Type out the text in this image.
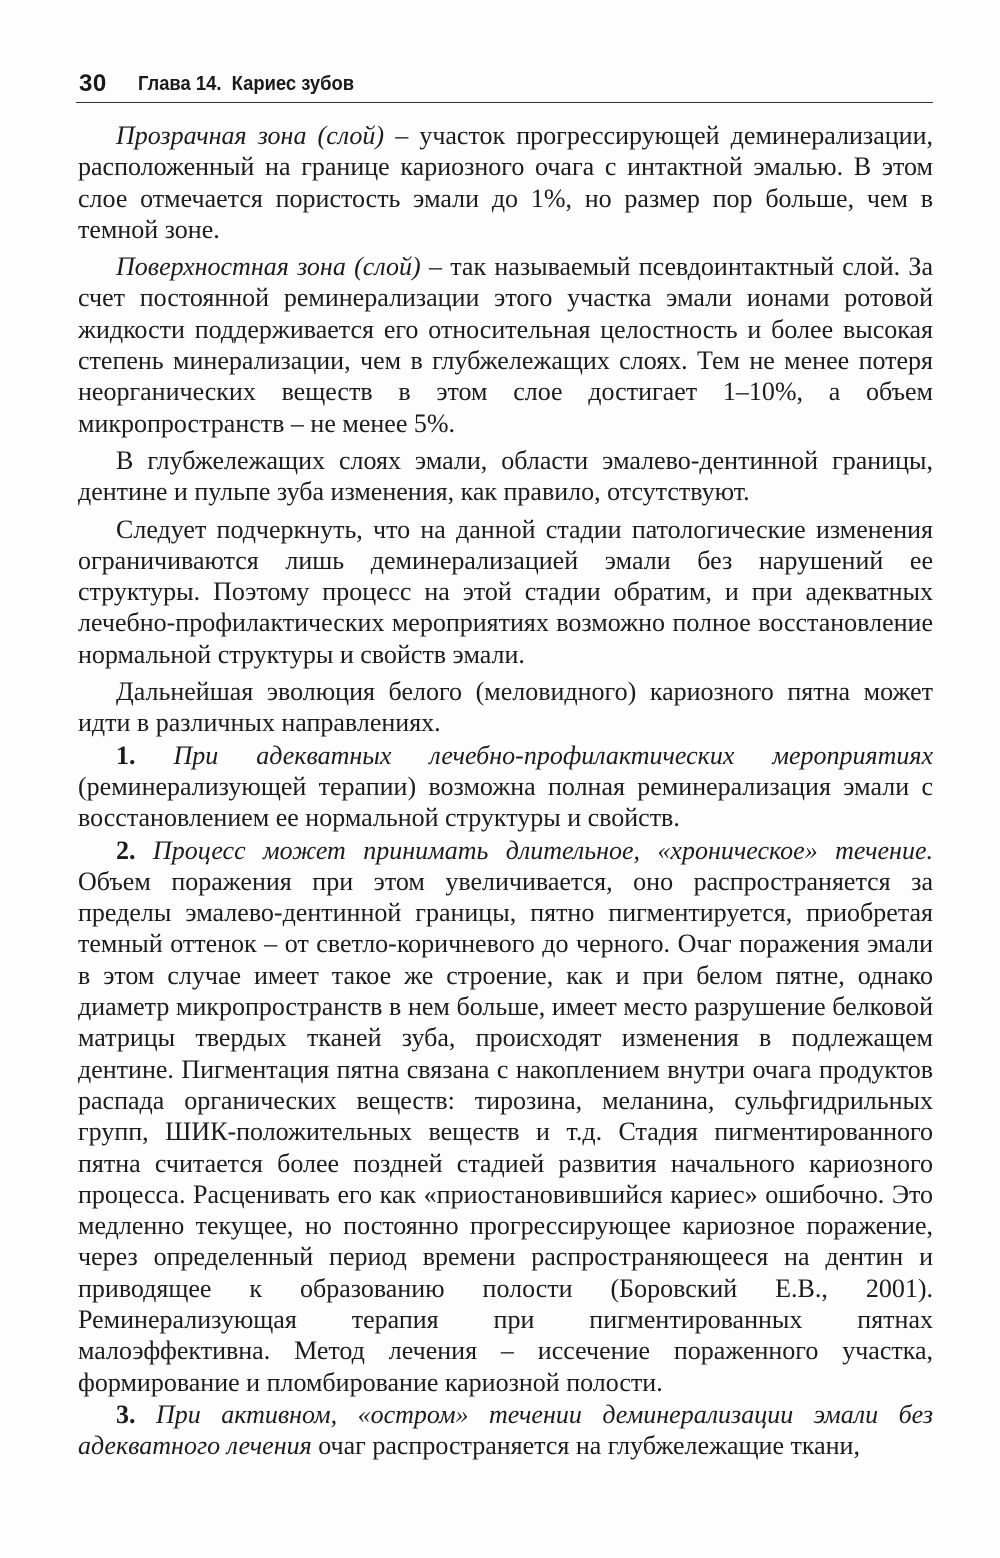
30 Глава 14. Кариес зубов

Прозрачная зона (слой) – участок прогрессирующей деминерализации, расположенный на границе кариозного очага с интактной эмалью. В этом слое отмечается пористость эмали до 1%, но размер пор больше, чем в темной зоне.

Поверхностная зона (слой) – так называемый псевдоинтактный слой. За счет постоянной реминерализации этого участка эмали ионами ротовой жидкости поддерживается его относительная целостность и более высокая степень минерализации, чем в глубжележащих слоях. Тем не менее потеря неорганических веществ в этом слое достигает 1–10%, а объем микропространств – не менее 5%.

В глубжележащих слоях эмали, области эмалево-дентинной границы, дентине и пульпе зуба изменения, как правило, отсутствуют.

Следует подчеркнуть, что на данной стадии патологические изменения ограничиваются лишь деминерализацией эмали без нарушений ее структуры. Поэтому процесс на этой стадии обратим, и при адекватных лечебно-профилактических мероприятиях возможно полное восстановление нормальной структуры и свойств эмали.

Дальнейшая эволюция белого (меловидного) кариозного пятна может идти в различных направлениях.

1. При адекватных лечебно-профилактических мероприятиях (реминерализующей терапии) возможна полная реминерализация эмали с восстановлением ее нормальной структуры и свойств.

2. Процесс может принимать длительное, «хроническое» течение. Объем поражения при этом увеличивается, оно распространяется за пределы эмалево-дентинной границы, пятно пигментируется, приобретая темный оттенок – от светло-коричневого до черного. Очаг поражения эмали в этом случае имеет такое же строение, как и при белом пятне, однако диаметр микропространств в нем больше, имеет место разрушение белковой матрицы твердых тканей зуба, происходят изменения в подлежащем дентине. Пигментация пятна связана с накоплением внутри очага продуктов распада органических веществ: тирозина, меланина, сульфгидрильных групп, ШИК-положительных веществ и т.д. Стадия пигментированного пятна считается более поздней стадией развития начального кариозного процесса. Расценивать его как «приостановившийся кариес» ошибочно. Это медленно текущее, но постоянно прогрессирующее кариозное поражение, через определенный период времени распространяющееся на дентин и приводящее к образованию полости (Боровский Е.В., 2001). Реминерализующая терапия при пигментированных пятнах малоэффективна. Метод лечения – иссечение пораженного участка, формирование и пломбирование кариозной полости.

3. При активном, «остром» течении деминерализации эмали без адекватного лечения очаг распространяется на глубжележащие ткани,
